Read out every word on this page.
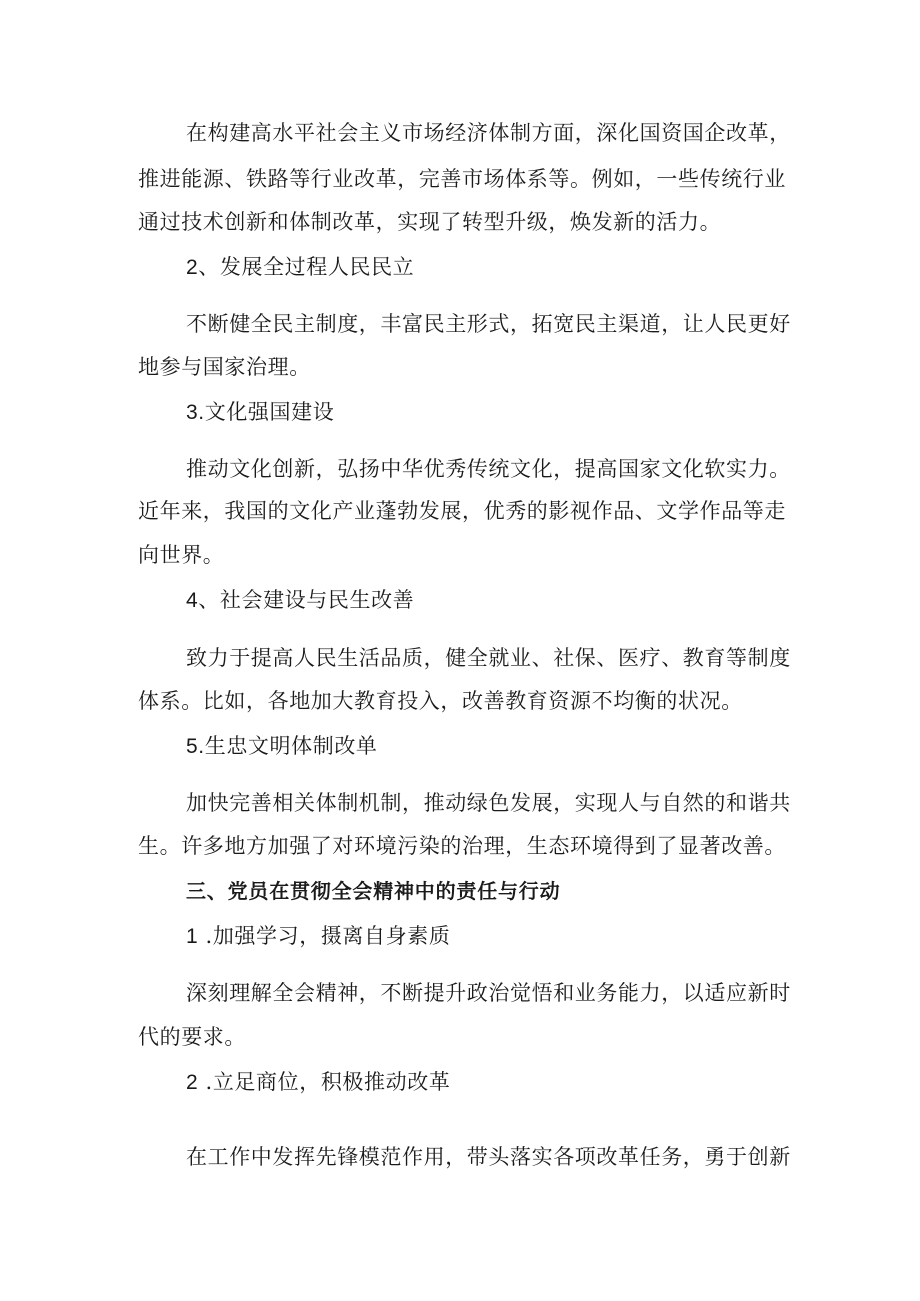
在构建高水平社会主义市场经济体制方面，深化国资国企改革，
推进能源、铁路等行业改革，完善市场体系等。例如，一些传统行业
通过技术创新和体制改革，实现了转型升级，焕发新的活力。
2、发展全过程人民民立
不断健全民主制度，丰富民主形式，拓宽民主渠道，让人民更好
地参与国家治理。
3.文化强国建设
推动文化创新，弘扬中华优秀传统文化，提高国家文化软实力。
近年来，我国的文化产业蓬勃发展，优秀的影视作品、文学作品等走
向世界。
4、社会建设与民生改善
致力于提高人民生活品质，健全就业、社保、医疗、教育等制度
体系。比如，各地加大教育投入，改善教育资源不均衡的状况。
5.生忠文明体制改单
加快完善相关体制机制，推动绿色发展，实现人与自然的和谐共
生。许多地方加强了对环境污染的治理，生态环境得到了显著改善。
三、党员在贯彻全会精神中的责任与行动
1 .加强学习，摄离自身素质
深刻理解全会精神，不断提升政治觉悟和业务能力，以适应新时
代的要求。
2 .立足商位，积极推动改革
在工作中发挥先锋模范作用，带头落实各项改革任务，勇于创新
